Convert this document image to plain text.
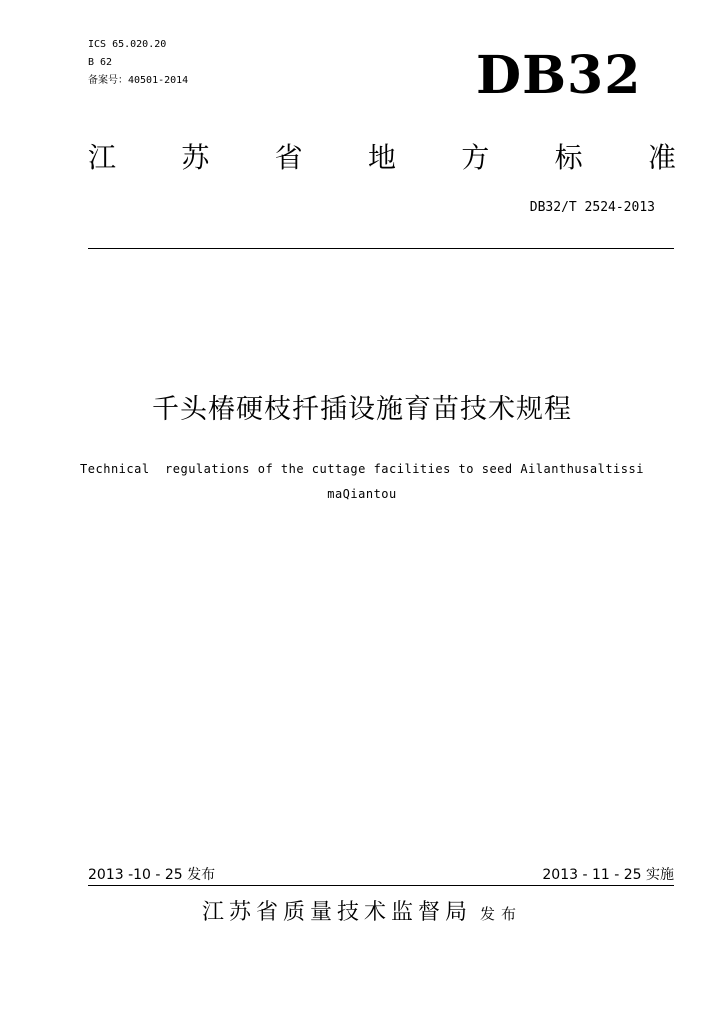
ICS 65.020.20
B 62
备案号：40501-2014	DB32
江 苏 省 地 方 标 准
DB32/T 2524-2013
千头椿硬枝扦插设施育苗技术规程
Technical  regulations of the cuttage facilities to seed Ailanthusaltissi
maQiantou
2013 -10 - 25 发布	2013 - 11 - 25 实施
江苏省质量技术监督局 发布
